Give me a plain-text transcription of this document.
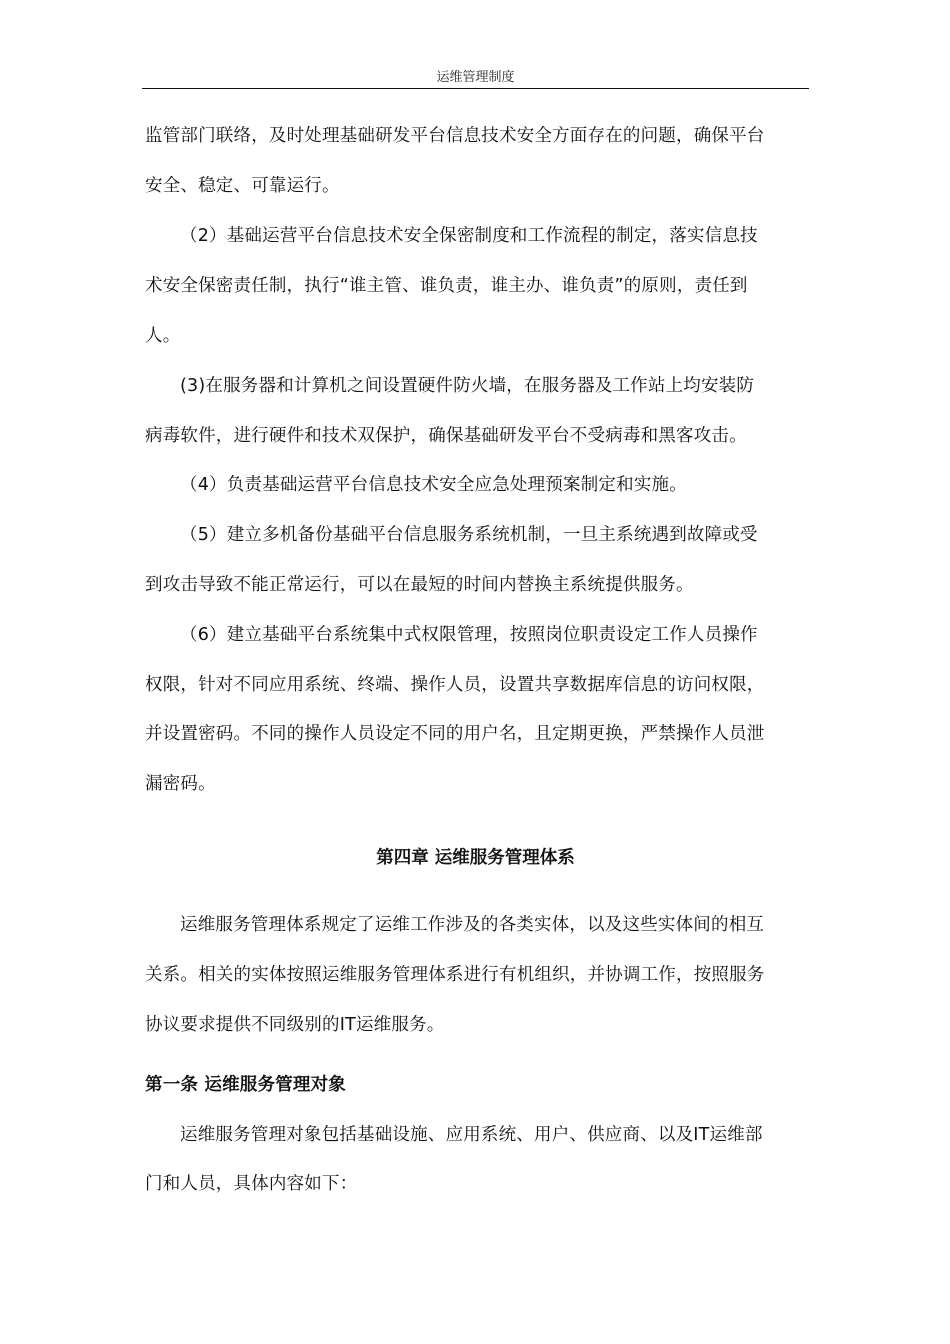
运维管理制度
监管部门联络，及时处理基础研发平台信息技术安全方面存在的问题，确保平台
安全、稳定、可靠运行。
（2）基础运营平台信息技术安全保密制度和工作流程的制定，落实信息技
术安全保密责任制，执行“谁主管、谁负责，谁主办、谁负责”的原则，责任到
人。
(3)在服务器和计算机之间设置硬件防火墙，在服务器及工作站上均安装防
病毒软件，进行硬件和技术双保护，确保基础研发平台不受病毒和黑客攻击。
（4）负责基础运营平台信息技术安全应急处理预案制定和实施。
（5）建立多机备份基础平台信息服务系统机制，一旦主系统遇到故障或受
到攻击导致不能正常运行，可以在最短的时间内替换主系统提供服务。
（6）建立基础平台系统集中式权限管理，按照岗位职责设定工作人员操作
权限，针对不同应用系统、终端、操作人员，设置共享数据库信息的访问权限，
并设置密码。不同的操作人员设定不同的用户名，且定期更换，严禁操作人员泄
漏密码。
第四章 运维服务管理体系
运维服务管理体系规定了运维工作涉及的各类实体，以及这些实体间的相互
关系。相关的实体按照运维服务管理体系进行有机组织，并协调工作，按照服务
协议要求提供不同级别的IT运维服务。
第一条 运维服务管理对象
运维服务管理对象包括基础设施、应用系统、用户、供应商、以及IT运维部
门和人员，具体内容如下：
